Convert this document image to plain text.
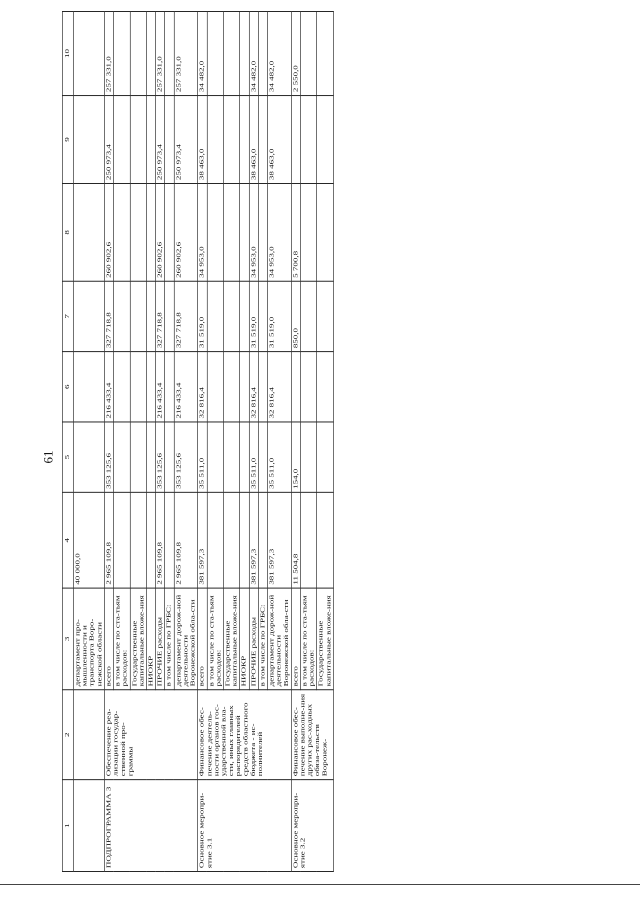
61
1	2	3	4	5	6	7	8	9	10
		департамент про-мышленности и транспорта Воро-нежской области	40 000,0						
ПОДПРОГРАММА 3	Обеспечение реа-лизации государ-ственной про-граммы	всего	2 965 109,8	353 125,6	216 433,4	327 718,8	260 902,6	250 973,4	257 331,0
		в том числе по ста-тьям расходов:							
		Государственные капитальные вложе-ния							
		НИОКР							
		ПРОЧИЕ расходы	2 965 109,8	353 125,6	216 433,4	327 718,8	260 902,6	250 973,4	257 331,0
		в том числе по ГРБС:							
		департамент дорож-ной деятельности Воронежской обла-сти	2 965 109,8	353 125,6	216 433,4	327 718,8	260 902,6	250 973,4	257 331,0
Основное меропри-ятие 3.1	Финансовое обес-печение деятель-ности органов гос-ударственной вла-сти, иных главных распорядителей средств областного бюджета - ис-полнителей	всего	381 597,3	35 511,0	32 816,4	31 519,0	34 953,0	38 463,0	34 482,0
		в том числе по ста-тьям расходов:							
		Государственные капитальные вложе-ния							
		НИОКР							
		ПРОЧИЕ расходы	381 597,3	35 511,0	32 816,4	31 519,0	34 953,0	38 463,0	34 482,0
		в том числе по ГРБС:							
		департамент дорож-ной деятельности Воронежской обла-сти	381 597,3	35 511,0	32 816,4	31 519,0	34 953,0	38 463,0	34 482,0
Основное меропри-ятие 3.2	Финансовое обес-печение выполне-ния других рас-ходных обяза-тельств Воронеж-	всего	11 504,8	154,0		850,0	5 700,8		2 550,0
		в том числе по ста-тьям расходов:							
		Государственные капитальные вложе-ния							
